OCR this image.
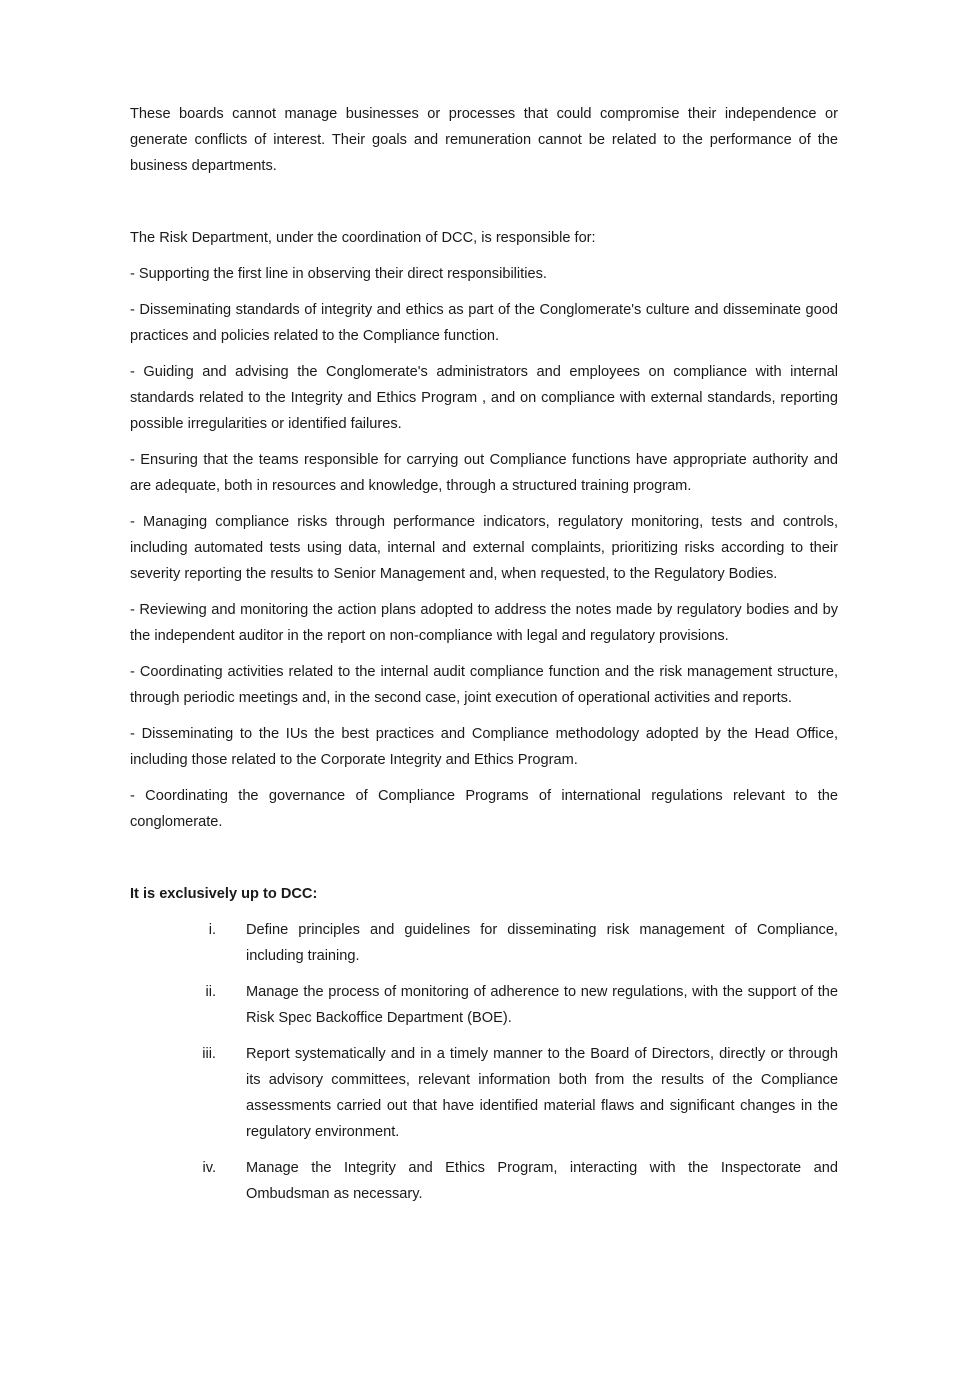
These boards cannot manage businesses or processes that could compromise their independence or generate conflicts of interest. Their goals and remuneration cannot be related to the performance of the business departments.

The Risk Department, under the coordination of DCC, is responsible for:

- Supporting the first line in observing their direct responsibilities.

- Disseminating standards of integrity and ethics as part of the Conglomerate's culture and disseminate good practices and policies related to the Compliance function.

- Guiding and advising the Conglomerate's administrators and employees on compliance with internal standards related to the Integrity and Ethics Program , and on compliance with external standards, reporting possible irregularities or identified failures.

- Ensuring that the teams responsible for carrying out Compliance functions have appropriate authority and are adequate, both in resources and knowledge, through a structured training program.

- Managing compliance risks through performance indicators, regulatory monitoring, tests and controls, including automated tests using data, internal and external complaints, prioritizing risks according to their severity reporting the results to Senior Management and, when requested, to the Regulatory Bodies.

- Reviewing and monitoring the action plans adopted to address the notes made by regulatory bodies and by the independent auditor in the report on non-compliance with legal and regulatory provisions.

- Coordinating activities related to the internal audit compliance function and the risk management structure, through periodic meetings and, in the second case, joint execution of operational activities and reports.

- Disseminating to the IUs the best practices and Compliance methodology adopted by the Head Office, including those related to the Corporate Integrity and Ethics Program.

- Coordinating the governance of Compliance Programs of international regulations relevant to the conglomerate.

It is exclusively up to DCC:

i. Define principles and guidelines for disseminating risk management of Compliance, including training.
ii. Manage the process of monitoring of adherence to new regulations, with the support of the Risk Spec Backoffice Department (BOE).
iii. Report systematically and in a timely manner to the Board of Directors, directly or through its advisory committees, relevant information both from the results of the Compliance assessments carried out that have identified material flaws and significant changes in the regulatory environment.
iv. Manage the Integrity and Ethics Program, interacting with the Inspectorate and Ombudsman as necessary.
